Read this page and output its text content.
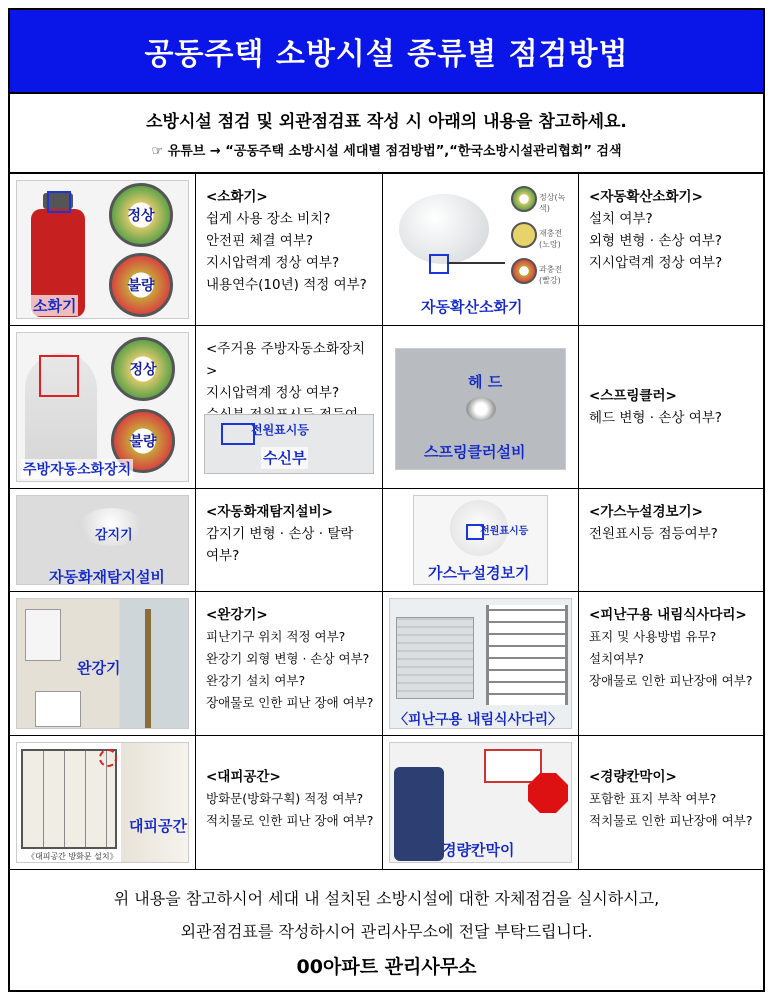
공동주택 소방시설 종류별 점검방법
소방시설 점검 및 외관점검표 작성 시 아래의 내용을 참고하세요.
☞ 유튜브 → “공동주택 소방시설 세대별 점검방법”,“한국소방시설관리협회” 검색
정상
불량
소화기
<소화기>
쉽게 사용 장소 비치?
안전핀 체결 여부?
지시압력계 정상 여부?
내용연수(10년) 적정 여부?
정상(녹색)
재충전(노랑)
과충전(빨강)
자동확산소화기
<자동확산소화기>
설치 여부?
외형 변형 · 손상 여부?
지시압력계 정상 여부?
정상
불량
주방자동소화장치
<주거용 주방자동소화장치>
지시압력계 정상 여부?
전원표시등
수신부
헤 드
스프링클러설비
<스프링클러>
헤드 변형 · 손상 여부?
감지기
자동화재탐지설비
<자동화재탐지설비>
감지기 변형 · 손상 · 탈락
여부?
전원표시등
가스누설경보기
<가스누설경보기>
전원표시등 점등여부?
완강기
<완강기>
피난기구 위치 적정 여부?
완강기 외형 변형 · 손상 여부?
완강기 설치 여부?
장애물로 인한 피난 장애 여부?
〈피난구용 내림식사다리〉
<피난구용 내림식사다리>
표지 및 사용방법 유무?
설치여부?
장애물로 인한 피난장애 여부?
대피공간
《대피공간 방화문 설치》
<대피공간>
방화문(방화구획) 적정 여부?
적치물로 인한 피난 장애 여부?
경량칸막이
<경량칸막이>
포함한 표지 부착 여부?
적치물로 인한 피난장애 여부?
위 내용을 참고하시어 세대 내 설치된 소방시설에 대한 자체점검을 실시하시고,
외관점검표를 작성하시어 관리사무소에 전달 부탁드립니다.
00아파트 관리사무소
